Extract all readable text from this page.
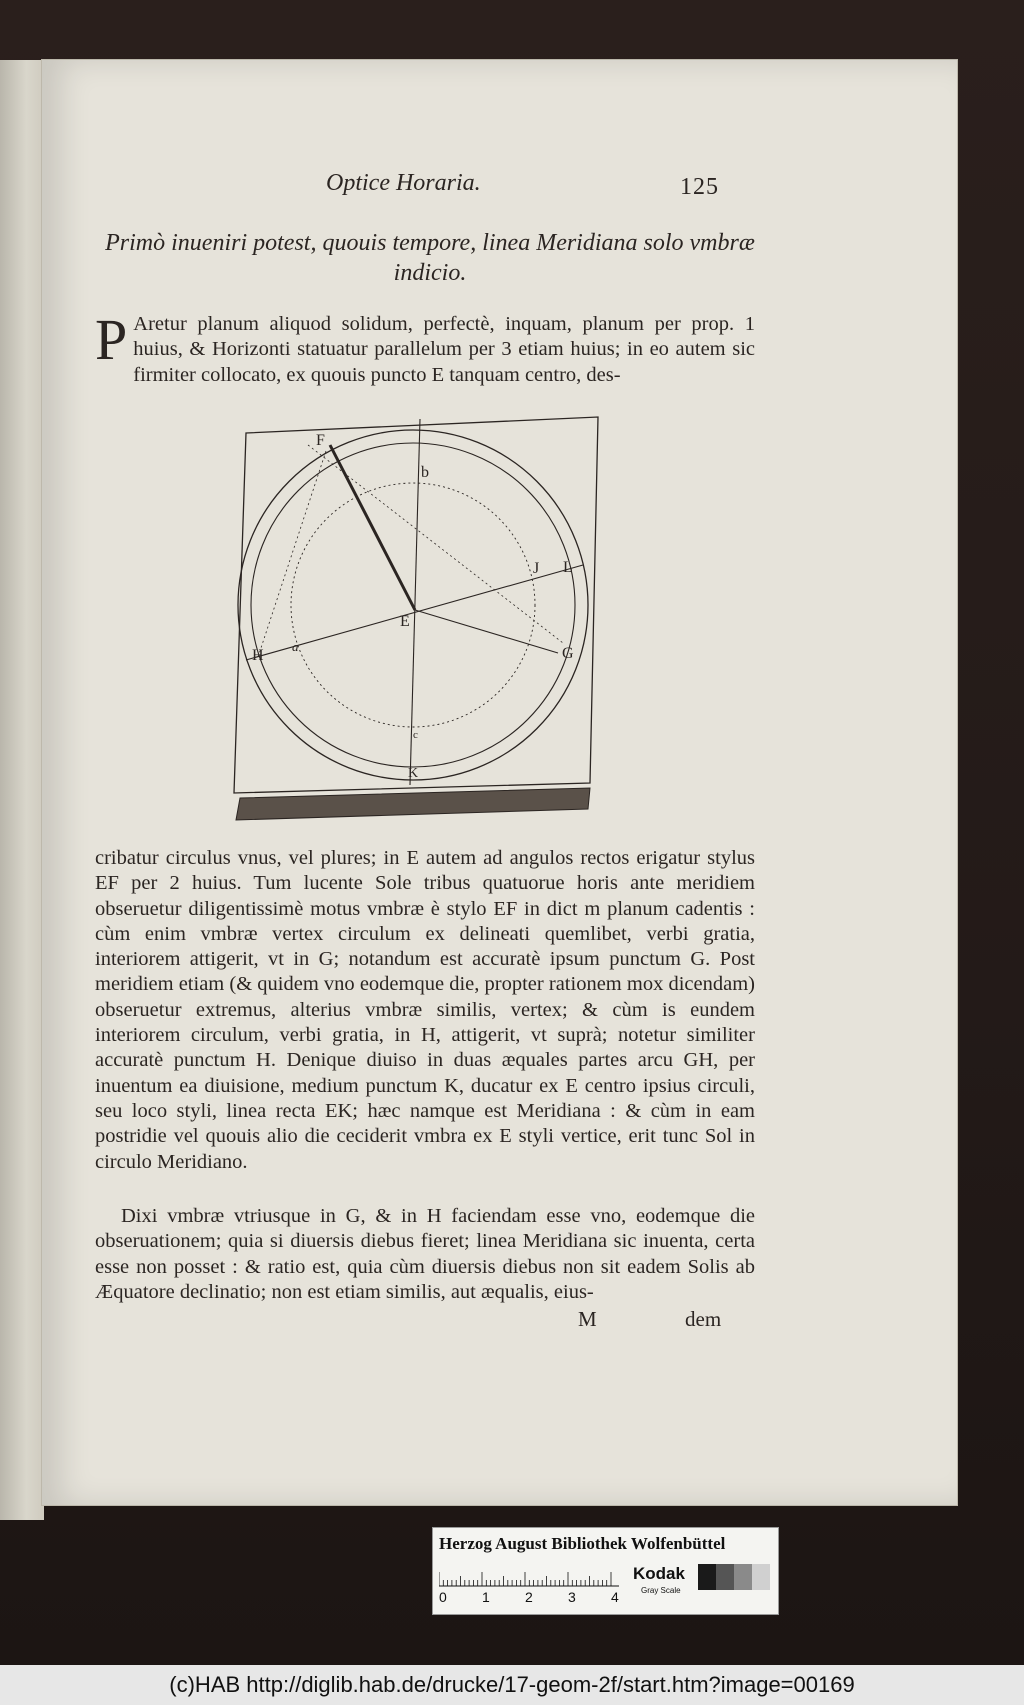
Optice Horaria.	125
Primò inueniri potest, quouis tempore, linea Meridiana solo vmbræ indicio.
P Aretur planum aliquod solidum, perfectè, inquam, planum per prop. 1 huius, & Horizonti statuatur parallelum per 3 etiam huius; in eo autem sic firmiter collocato, ex quouis puncto E tanquam centro, des-
F
b
J L
E
H
a	G
c
K
cribatur circulus vnus, vel plures; in E autem ad angulos rectos erigatur stylus EF per 2 huius. Tum lucente Sole tribus quatuorue horis ante meridiem obseruetur diligentissimè motus vmbræ è stylo EF in dict m planum cadentis : cùm enim vmbræ vertex circulum ex delineati quemlibet, verbi gratia, interiorem attigerit, vt in G; notandum est accuratè ipsum punctum G. Post meridiem etiam (& quidem vno eodemque die, propter rationem mox dicendam) obseruetur extremus, alterius vmbræ similis, vertex; & cùm is eundem interiorem circulum, verbi gratia, in H, attigerit, vt suprà; notetur similiter accuratè punctum H. Denique diuiso in duas æquales partes arcu GH, per inuentum ea diuisione, medium punctum K, ducatur ex E centro ipsius circuli, seu loco styli, linea recta EK; hæc namque est Meridiana : & cùm in eam postridie vel quouis alio die ceciderit vmbra ex E styli vertice, erit tunc Sol in circulo Meridiano.
Dixi vmbræ vtriusque in G, & in H faciendam esse vno, eodemque die obseruationem; quia si diuersis diebus fieret; linea Meridiana sic inuenta, certa esse non posset : & ratio est, quia cùm diuersis diebus non sit eadem Solis ab Æquatore declinatio; non est etiam similis, aut æqualis, eius-
M	dem
Herzog August Bibliothek Wolfenbüttel
0	1	2	3	4
Kodak
Gray Scale
(c)HAB http://diglib.hab.de/drucke/17-geom-2f/start.htm?image=00169
